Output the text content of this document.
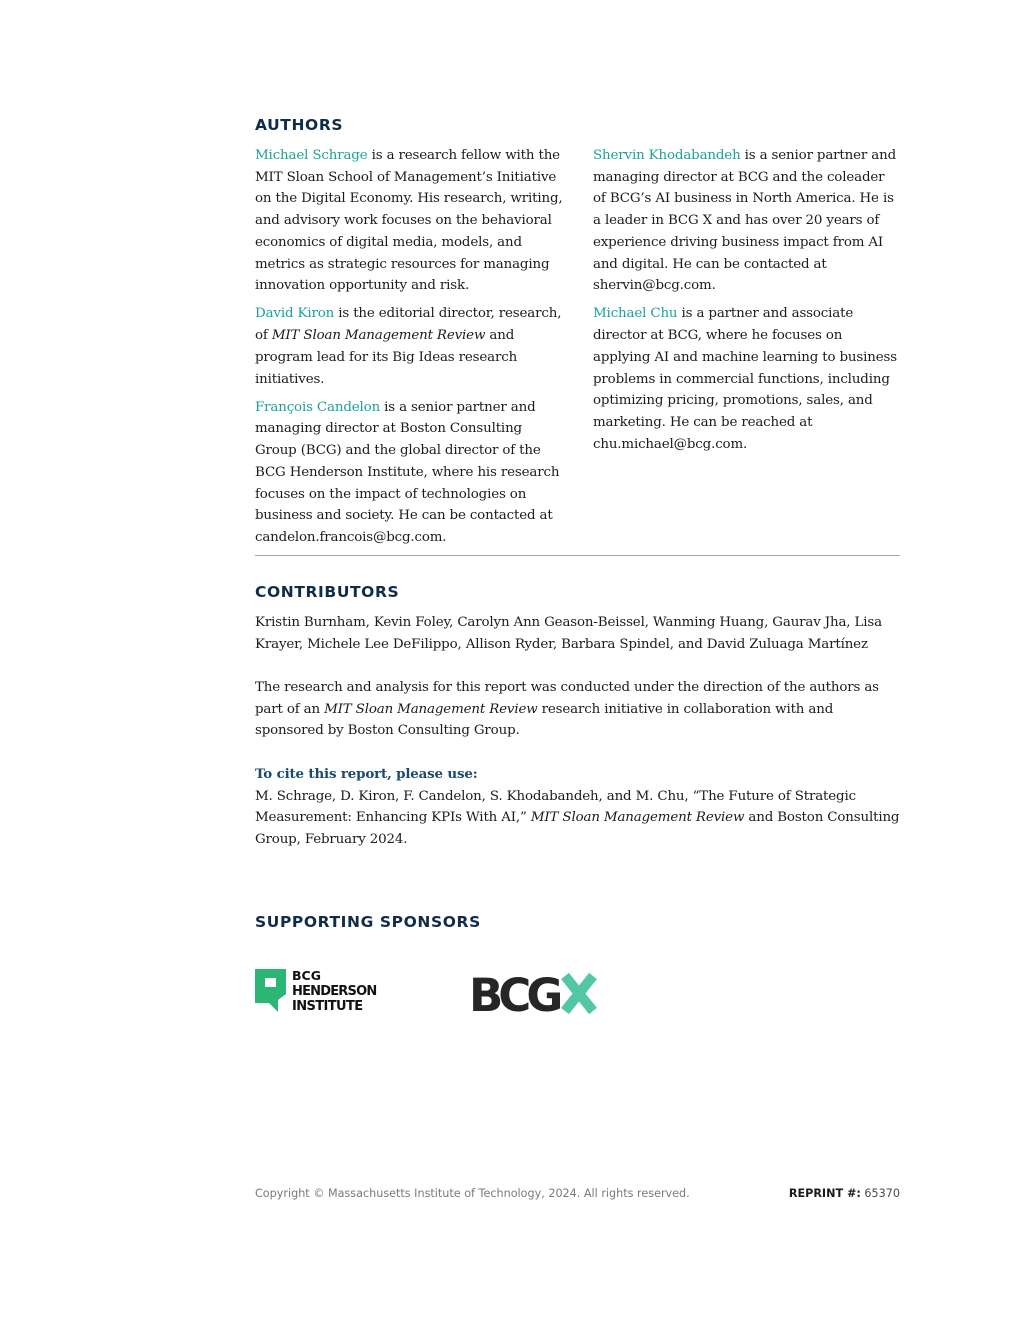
AUTHORS

Michael Schrage is a research fellow with the MIT Sloan School of Management’s Initiative on the Digital Economy. His research, writing, and advisory work focuses on the behavioral economics of digital media, models, and metrics as strategic resources for managing innovation opportunity and risk.

David Kiron is the editorial director, research, of MIT Sloan Management Review and program lead for its Big Ideas research initiatives.

François Candelon is a senior partner and managing director at Boston Consulting Group (BCG) and the global director of the BCG Henderson Institute, where his research focuses on the impact of technologies on business and society. He can be contacted at candelon.francois@bcg.com.

Shervin Khodabandeh is a senior partner and managing director at BCG and the coleader of BCG’s AI business in North America. He is a leader in BCG X and has over 20 years of experience driving business impact from AI and digital. He can be contacted at shervin@bcg.com.

Michael Chu is a partner and associate director at BCG, where he focuses on applying AI and machine learning to business problems in commercial functions, including optimizing pricing, promotions, sales, and marketing. He can be reached at chu.michael@bcg.com.

CONTRIBUTORS

Kristin Burnham, Kevin Foley, Carolyn Ann Geason-Beissel, Wanming Huang, Gaurav Jha, Lisa Krayer, Michele Lee DeFilippo, Allison Ryder, Barbara Spindel, and David Zuluaga Martínez

The research and analysis for this report was conducted under the direction of the authors as part of an MIT Sloan Management Review research initiative in collaboration with and sponsored by Boston Consulting Group.

To cite this report, please use:
M. Schrage, D. Kiron, F. Candelon, S. Khodabandeh, and M. Chu, “The Future of Strategic Measurement: Enhancing KPIs With AI,” MIT Sloan Management Review and Boston Consulting Group, February 2024.

SUPPORTING SPONSORS
BCG
HENDERSON
INSTITUTE BCG
Copyright © Massachusetts Institute of Technology, 2024. All rights reserved.	REPRINT #: 65370
